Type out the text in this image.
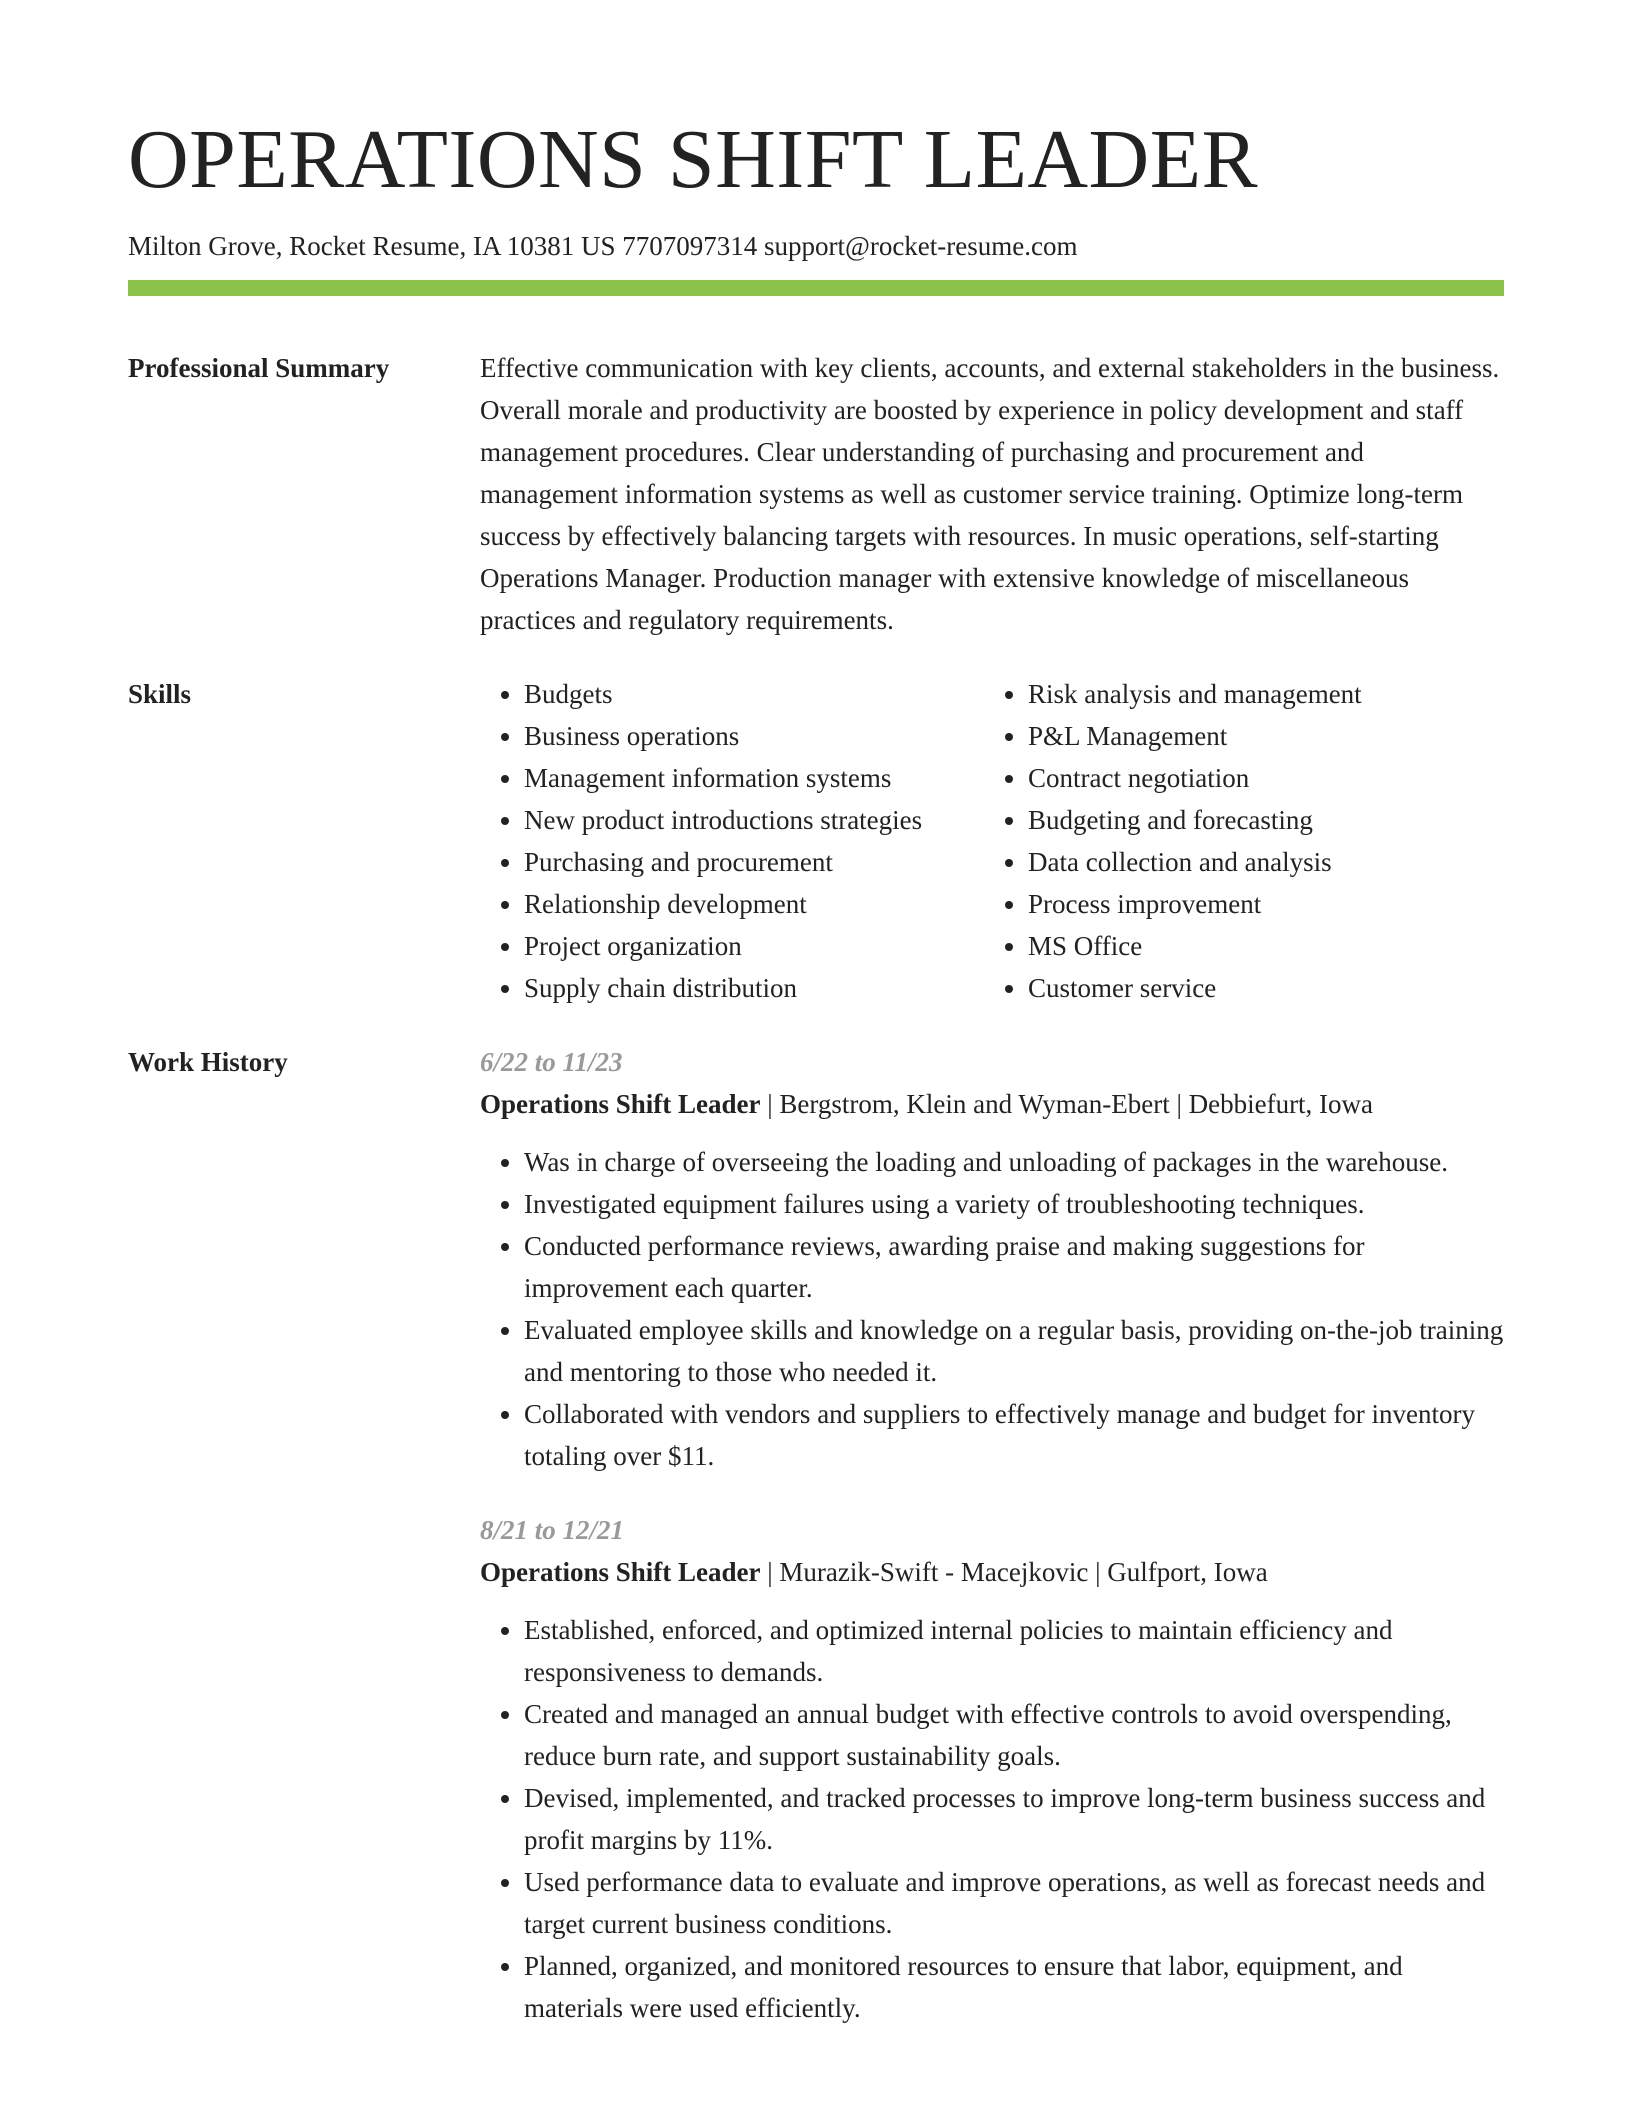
OPERATIONS SHIFT LEADER
Milton Grove, Rocket Resume, IA 10381 US 7707097314 support@rocket-resume.com
Professional Summary	Effective communication with key clients, accounts, and external stakeholders in the business. Overall morale and productivity are boosted by experience in policy development and staff management procedures. Clear understanding of purchasing and procurement and management information systems as well as customer service training. Optimize long-term success by effectively balancing targets with resources. In music operations, self-starting Operations Manager. Production manager with extensive knowledge of miscellaneous practices and regulatory requirements.
Skills
•	Budgets
• Business operations
• Management information systems
• New product introductions strategies
• Purchasing and procurement
• Relationship development
• Project organization
• Supply chain distribution
• Risk analysis and management
• P&L Management
• Contract negotiation
• Budgeting and forecasting
• Data collection and analysis
• Process improvement
• MS Office
• Customer service
Work History	6/22 to 11/23
Operations Shift Leader | Bergstrom, Klein and Wyman-Ebert | Debbiefurt, Iowa
• Was in charge of overseeing the loading and unloading of packages in the warehouse.
• Investigated equipment failures using a variety of troubleshooting techniques.
• Conducted performance reviews, awarding praise and making suggestions for improvement each quarter.
• Evaluated employee skills and knowledge on a regular basis, providing on-the-job training and mentoring to those who needed it.
• Collaborated with vendors and suppliers to effectively manage and budget for inventory totaling over $11.
8/21 to 12/21
Operations Shift Leader | Murazik-Swift - Macejkovic | Gulfport, Iowa
• Established, enforced, and optimized internal policies to maintain efficiency and responsiveness to demands.
• Created and managed an annual budget with effective controls to avoid overspending, reduce burn rate, and support sustainability goals.
• Devised, implemented, and tracked processes to improve long-term business success and profit margins by 11%.
• Used performance data to evaluate and improve operations, as well as forecast needs and target current business conditions.
• Planned, organized, and monitored resources to ensure that labor, equipment, and materials were used efficiently.
